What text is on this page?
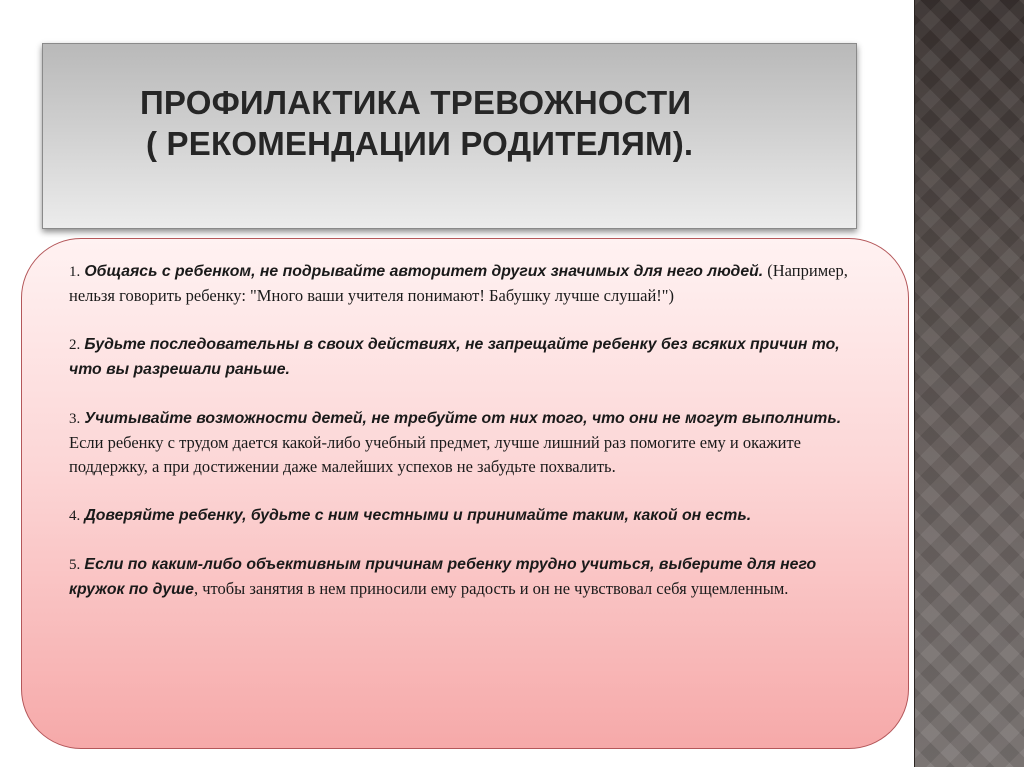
ПРОФИЛАКТИКА ТРЕВОЖНОСТИ
( РЕКОМЕНДАЦИИ РОДИТЕЛЯМ).

1. Общаясь с ребенком, не подрывайте авторитет других значимых для него людей. (Например, нельзя говорить ребенку: "Много ваши учителя понимают! Бабушку лучше слушай!")

2. Будьте последовательны в своих действиях, не запрещайте ребенку без всяких причин то, что вы разрешали раньше.

3. Учитывайте возможности детей, не требуйте от них того, что они не могут выполнить. Если ребенку с трудом дается какой-либо учебный предмет, лучше лишний раз помогите ему и окажите поддержку, а при достижении даже малейших успехов не забудьте похвалить.

4. Доверяйте ребенку, будьте с ним честными и принимайте таким, какой он есть.

5. Если по каким-либо объективным причинам ребенку трудно учиться, выберите для него кружок по душе, чтобы занятия в нем приносили ему радость и он не чувствовал себя ущемленным.
